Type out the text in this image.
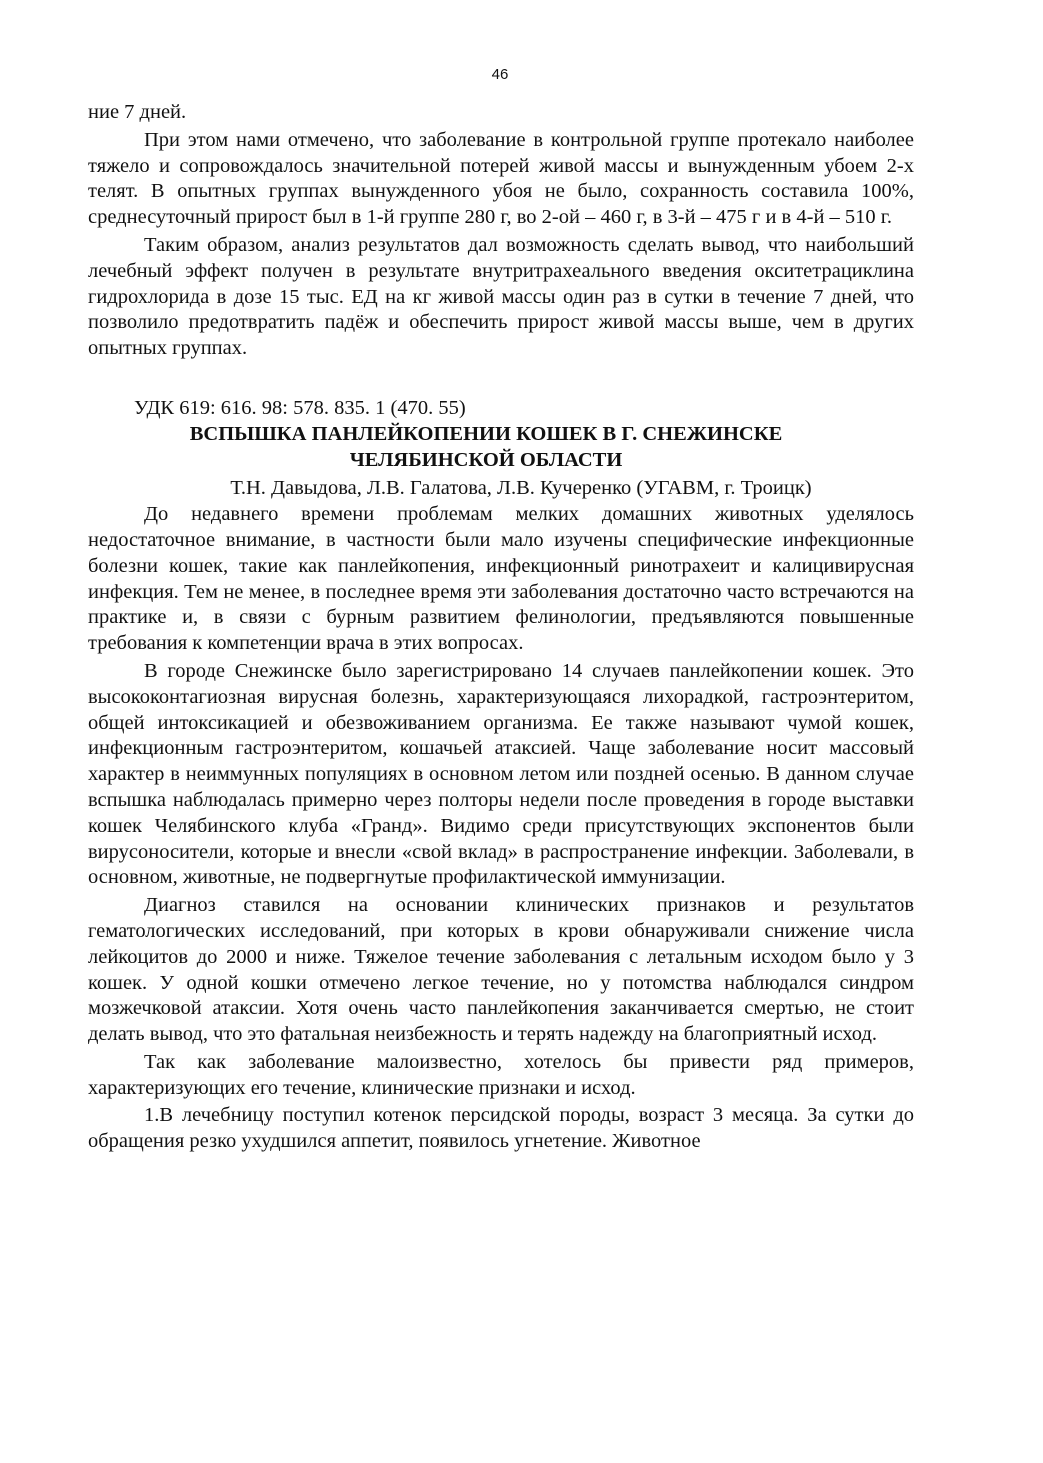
46

ние 7 дней.

При этом нами отмечено, что заболевание в контрольной группе протекало наиболее тяжело и сопровождалось значительной потерей живой массы и вынужденным убоем 2-х телят. В опытных группах вынужденного убоя не было, сохранность составила 100%, среднесуточный прирост был в 1-й группе 280 г, во 2-ой – 460 г, в 3-й – 475 г и в 4-й – 510 г.

Таким образом, анализ результатов дал возможность сделать вывод, что наибольший лечебный эффект получен в результате внутритрахеального введения окситетрациклина гидрохлорида в дозе 15 тыс. ЕД на кг живой массы один раз в сутки в течение 7 дней, что позволило предотвратить падёж и обеспечить прирост живой массы выше, чем в других опытных группах.

УДК 619: 616. 98: 578. 835. 1 (470. 55)

ВСПЫШКА ПАНЛЕЙКОПЕНИИ КОШЕК В Г. СНЕЖИНСКЕ
ЧЕЛЯБИНСКОЙ ОБЛАСТИ

Т.Н. Давыдова, Л.В. Галатова, Л.В. Кучеренко (УГАВМ, г. Троицк)

До недавнего времени проблемам мелких домашних животных уделялось недостаточное внимание, в частности были мало изучены специфические инфекционные болезни кошек, такие как панлейкопения, инфекционный ринотрахеит и калицивирусная инфекция. Тем не менее, в последнее время эти заболевания достаточно часто встречаются на практике и, в связи с бурным развитием фелинологии, предъявляются повышенные требования к компетенции врача в этих вопросах.

В городе Снежинске было зарегистрировано 14 случаев панлейкопении кошек. Это высококонтагиозная вирусная болезнь, характеризующаяся лихорадкой, гастроэнтеритом, общей интоксикацией и обезвоживанием организма. Ее также называют чумой кошек, инфекционным гастроэнтеритом, кошачьей атаксией. Чаще заболевание носит массовый характер в неиммунных популяциях в основном летом или поздней осенью. В данном случае вспышка наблюдалась примерно через полторы недели после проведения в городе выставки кошек Челябинского клуба «Гранд». Видимо среди присутствующих экспонентов были вирусоносители, которые и внесли «свой вклад» в распространение инфекции. Заболевали, в основном, животные, не подвергнутые профилактической иммунизации.

Диагноз ставился на основании клинических признаков и результатов гематологических исследований, при которых в крови обнаруживали снижение числа лейкоцитов до 2000 и ниже. Тяжелое течение заболевания с летальным исходом было у 3 кошек. У одной кошки отмечено легкое течение, но у потомства наблюдался синдром мозжечковой атаксии. Хотя очень часто панлейкопения заканчивается смертью, не стоит делать вывод, что это фатальная неизбежность и терять надежду на благоприятный исход.

Так как заболевание малоизвестно, хотелось бы привести ряд примеров, характеризующих его течение, клинические признаки и исход.

1.В лечебницу поступил котенок персидской породы, возраст 3 месяца. За сутки до обращения резко ухудшился аппетит, появилось угнетение. Животное
